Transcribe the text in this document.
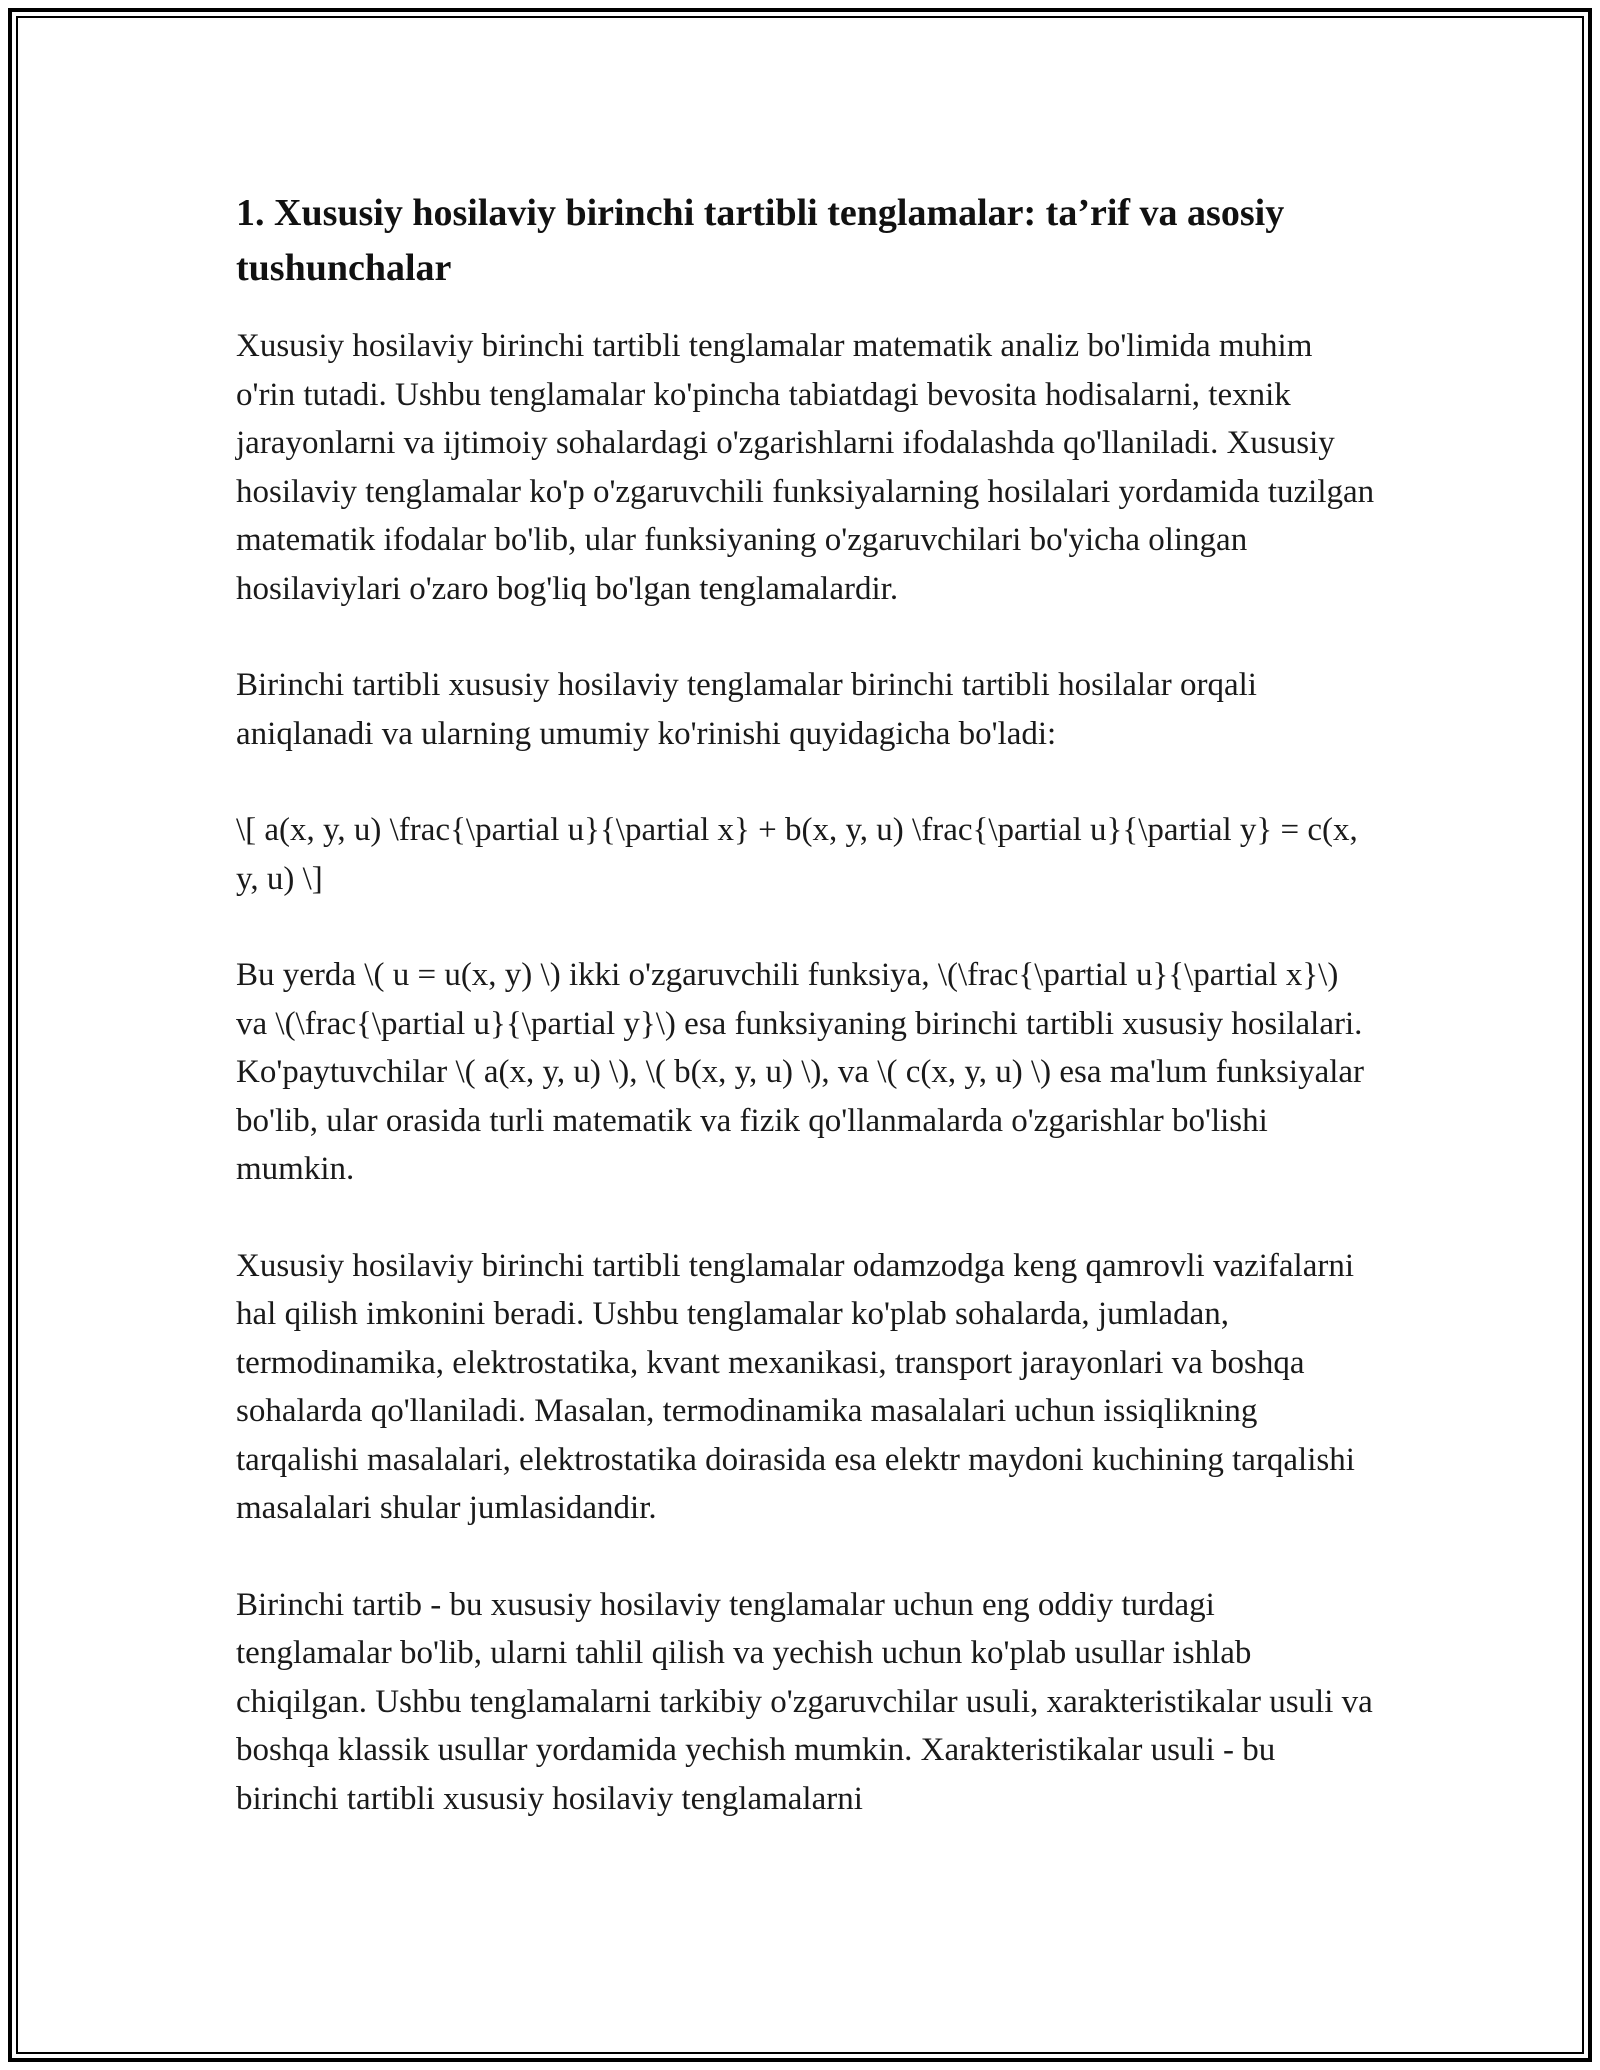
1. Xususiy hosilaviy birinchi tartibli tenglamalar: ta’rif va asosiy tushunchalar

Xususiy hosilaviy birinchi tartibli tenglamalar matematik analiz bo'limida muhim o'rin tutadi. Ushbu tenglamalar ko'pincha tabiatdagi bevosita hodisalarni, texnik jarayonlarni va ijtimoiy sohalardagi o'zgarishlarni ifodalashda qo'llaniladi. Xususiy hosilaviy tenglamalar ko'p o'zgaruvchili funksiyalarning hosilalari yordamida tuzilgan matematik ifodalar bo'lib, ular funksiyaning o'zgaruvchilari bo'yicha olingan hosilaviylari o'zaro bog'liq bo'lgan tenglamalardir.

Birinchi tartibli xususiy hosilaviy tenglamalar birinchi tartibli hosilalar orqali aniqlanadi va ularning umumiy ko'rinishi quyidagicha bo'ladi:

\[ a(x, y, u) \frac{\partial u}{\partial x} + b(x, y, u) \frac{\partial u}{\partial y} = c(x, y, u) \]

Bu yerda \( u = u(x, y) \) ikki o'zgaruvchili funksiya, \(\frac{\partial u}{\partial x}\) va \(\frac{\partial u}{\partial y}\) esa funksiyaning birinchi tartibli xususiy hosilalari. Ko'paytuvchilar \( a(x, y, u) \), \( b(x, y, u) \), va \( c(x, y, u) \) esa ma'lum funksiyalar bo'lib, ular orasida turli matematik va fizik qo'llanmalarda o'zgarishlar bo'lishi mumkin.

Xususiy hosilaviy birinchi tartibli tenglamalar odamzodga keng qamrovli vazifalarni hal qilish imkonini beradi. Ushbu tenglamalar ko'plab sohalarda, jumladan, termodinamika, elektrostatika, kvant mexanikasi, transport jarayonlari va boshqa sohalarda qo'llaniladi. Masalan, termodinamika masalalari uchun issiqlikning tarqalishi masalalari, elektrostatika doirasida esa elektr maydoni kuchining tarqalishi masalalari shular jumlasidandir.

Birinchi tartib - bu xususiy hosilaviy tenglamalar uchun eng oddiy turdagi tenglamalar bo'lib, ularni tahlil qilish va yechish uchun ko'plab usullar ishlab chiqilgan. Ushbu tenglamalarni tarkibiy o'zgaruvchilar usuli, xarakteristikalar usuli va boshqa klassik usullar yordamida yechish mumkin. Xarakteristikalar usuli - bu birinchi tartibli xususiy hosilaviy tenglamalarni
